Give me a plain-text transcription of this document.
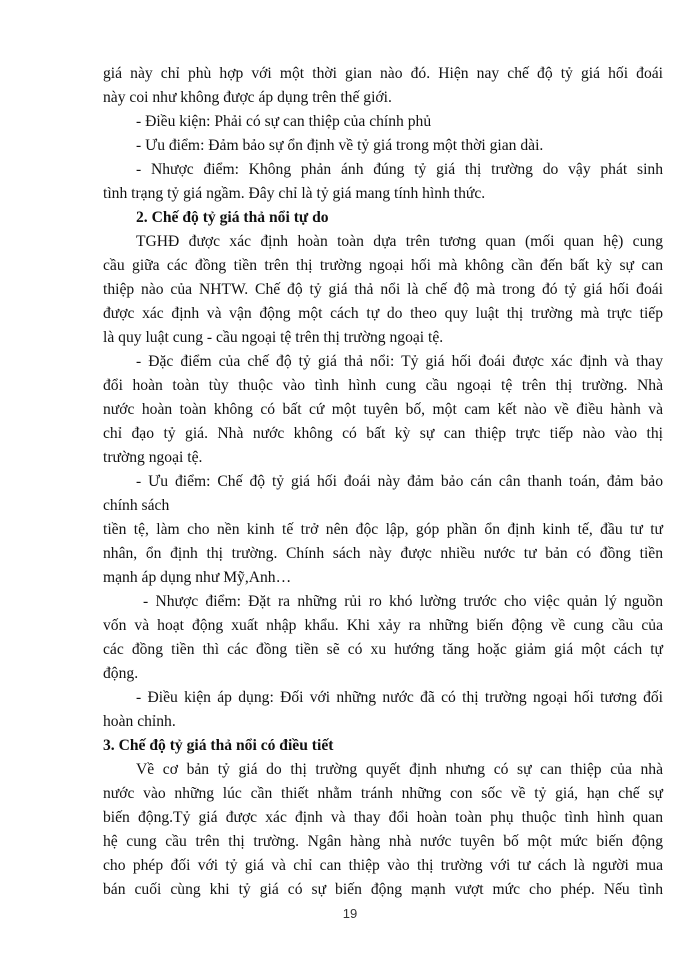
giá này chỉ phù hợp với một thời gian nào đó. Hiện nay chế độ tỷ giá hối đoái
này coi như không được áp dụng trên thế giới.
- Điều kiện: Phải có sự can thiệp của chính phủ
- Ưu điểm: Đảm bảo sự ổn định về tỷ giá trong một thời gian dài.
- Nhược điểm: Không phản ánh đúng tỷ giá thị trường do vậy phát sinh
tình trạng tỷ giá ngầm. Đây chỉ là tỷ giá mang tính hình thức.
2. Chế độ tỷ giá thả nổi tự do
TGHĐ được xác định hoàn toàn dựa trên tương quan (mối quan hệ) cung
cầu giữa các đồng tiền trên thị trường ngoại hối mà không cần đến bất kỳ sự can
thiệp nào của NHTW. Chế độ tỷ giá thả nổi là chế độ mà trong đó tỷ giá hối đoái
được xác định và vận động một cách tự do theo quy luật thị trường mà trực tiếp
là quy luật cung - cầu ngoại tệ trên thị trường ngoại tệ.
- Đặc điểm của chế độ tỷ giá thả nổi: Tỷ giá hối đoái được xác định và thay
đổi hoàn toàn tùy thuộc vào tình hình cung cầu ngoại tệ trên thị trường. Nhà
nước hoàn toàn không có bất cứ một tuyên bố, một cam kết nào về điều hành và
chỉ đạo tỷ giá. Nhà nước không có bất kỳ sự can thiệp trực tiếp nào vào thị
trường ngoại tệ.
- Ưu điểm: Chế độ tỷ giá hối đoái này đảm bảo cán cân thanh toán, đảm bảo
chính sách
tiền tệ, làm cho nền kinh tế trở nên độc lập, góp phần ổn định kinh tế, đầu tư tư
nhân, ổn định thị trường. Chính sách này được nhiều nước tư bản có đồng tiền
mạnh áp dụng như Mỹ,Anh…
- Nhược điểm: Đặt ra những rủi ro khó lường trước cho việc quản lý nguồn
vốn và hoạt động xuất nhập khẩu. Khi xảy ra những biến động về cung cầu của
các đồng tiền thì các đồng tiền sẽ có xu hướng tăng hoặc giảm giá một cách tự
động.
- Điều kiện áp dụng: Đối với những nước đã có thị trường ngoại hối tương đối
hoàn chỉnh.
3. Chế độ tỷ giá thả nổi có điều tiết
Về cơ bản tỷ giá do thị trường quyết định nhưng có sự can thiệp của nhà
nước vào những lúc cần thiết nhằm tránh những con sốc về tỷ giá, hạn chế sự
biến động.Tỷ giá được xác định và thay đổi hoàn toàn phụ thuộc tình hình quan
hệ cung cầu trên thị trường. Ngân hàng nhà nước tuyên bố một mức biến động
cho phép đối với tỷ giá và chỉ can thiệp vào thị trường với tư cách là người mua
bán cuối cùng khi tỷ giá có sự biến động mạnh vượt mức cho phép. Nếu tình
19
